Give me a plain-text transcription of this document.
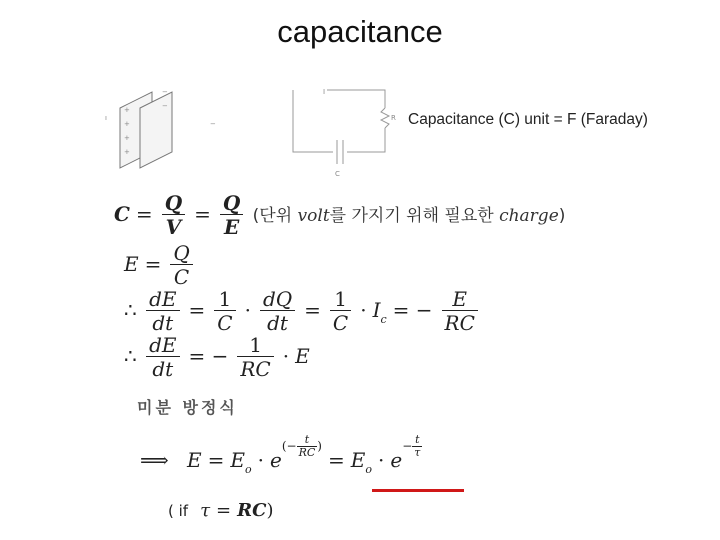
capacitance
+
+
+
+
−
−
−
ı
I
R
C
Capacitance (C) unit = F (Faraday)
$C = \frac{Q}{V} = \frac{Q}{E}$ (단위 volt를 가지기 위해 필요한 charge)
$E = \frac{Q}{C}$
∴ $\frac{dE}{dt} = \frac{1}{C} \cdot \frac{dQ}{dt} = \frac{1}{C} \cdot I_c$ = − $\frac{E}{RC}$
∴ $\frac{dE}{dt}$ = − $\frac{1}{RC} \cdot E$
미분 방정식
⟹ $E = E_o \cdot e(- \frac{t}{RC}$ )= $E_o \cdot e- \frac{t}{\tau}$
( if τ = RC)
